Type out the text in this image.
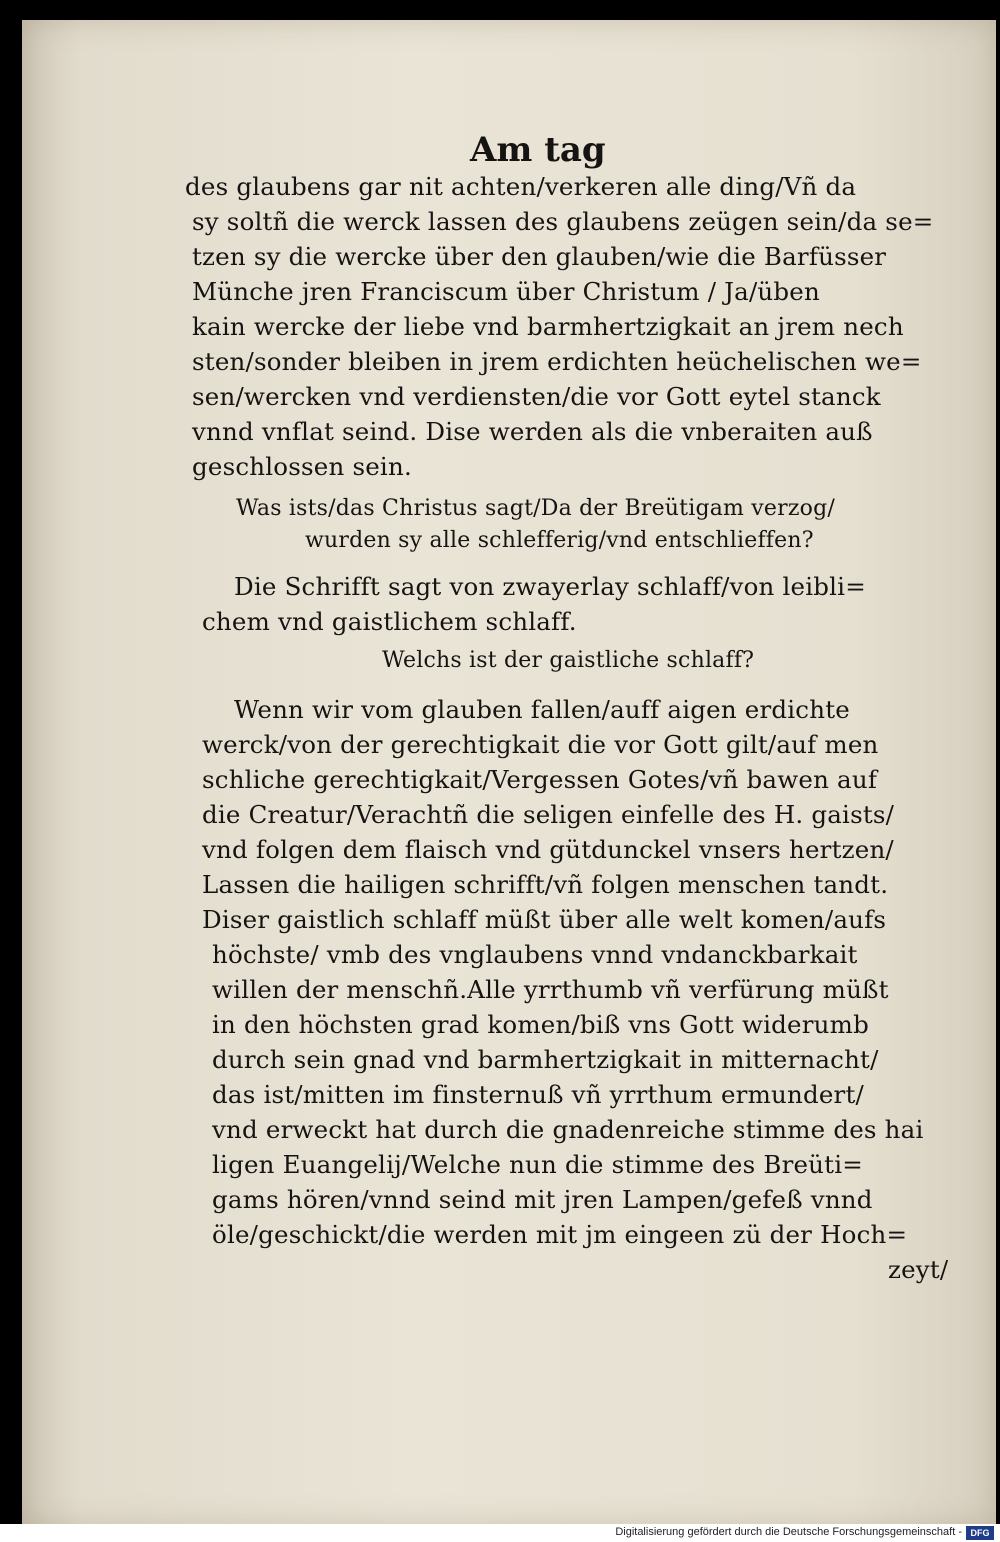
Am tag
des glaubens gar nit achten/verkeren alle ding/Vñ da
sy soltñ die werck lassen des glaubens zeügen sein/da se=
tzen sy die wercke über den glauben/wie die Barfüsser
Münche jren Franciscum über Christum / Ja/üben
kain wercke der liebe vnd barmhertzigkait an jrem nech
sten/sonder bleiben in jrem erdichten heüchelischen we=
sen/wercken vnd verdiensten/die vor Gott eytel stanck
vnnd vnflat seind. Dise werden als die vnberaiten auß
geschlossen sein.
Was ists/das Christus sagt/Da der Breütigam verzog/
wurden sy alle schlefferig/vnd entschlieffen?
Die Schrifft sagt von zwayerlay schlaff/von leibli=
chem vnd gaistlichem schlaff.
Welchs ist der gaistliche schlaff?
Wenn wir vom glauben fallen/auff aigen erdichte
werck/von der gerechtigkait die vor Gott gilt/auf men
schliche gerechtigkait/Vergessen Gotes/vñ bawen auf
die Creatur/Verachtñ die seligen einfelle des H. gaists/
vnd folgen dem flaisch vnd gütdunckel vnsers hertzen/
Lassen die hailigen schrifft/vñ folgen menschen tandt.
Diser gaistlich schlaff müßt über alle welt komen/aufs
höchste/ vmb des vnglaubens vnnd vndanckbarkait
willen der menschñ.Alle yrrthumb vñ verfürung müßt
in den höchsten grad komen/biß vns Gott widerumb
durch sein gnad vnd barmhertzigkait in mitternacht/
das ist/mitten im finsternuß vñ yrrthum ermundert/
vnd erweckt hat durch die gnadenreiche stimme des hai
ligen Euangelij/Welche nun die stimme des Breüti=
gams hören/vnnd seind mit jren Lampen/gefeß vnnd
öle/geschickt/die werden mit jm eingeen zü der Hoch=
zeyt/
Digitalisierung gefördert durch die Deutsche Forschungsgemeinschaft - DFG
